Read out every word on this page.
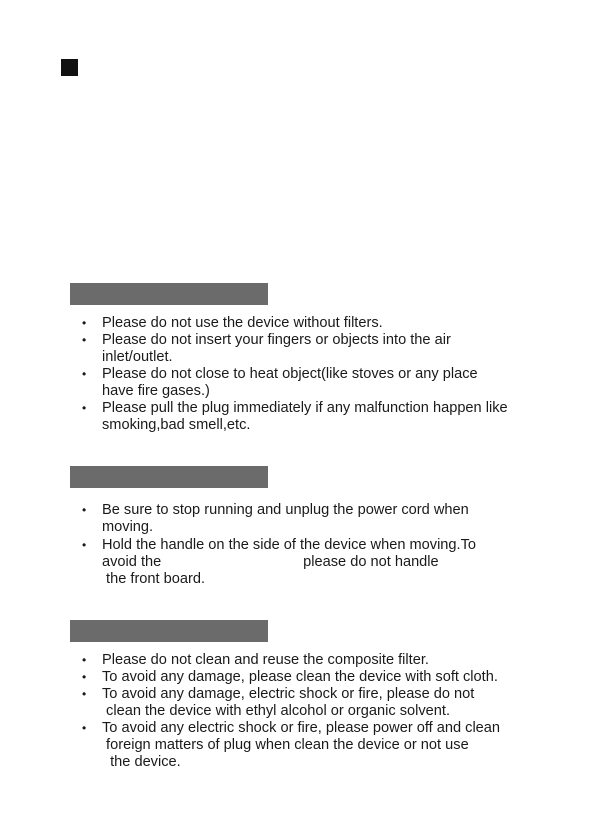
• Please do not use the device without filters.
• Please do not insert your fingers or objects into the air
inlet/outlet.
• Please do not close to heat object(like stoves or any place
have fire gases.)
• Please pull the plug immediately if any malfunction happen like
smoking,bad smell,etc.
• Be sure to stop running and unplug the power cord when
moving.
• Hold the handle on the side of the device when moving.To
avoid the                                   please do not handle
the front board.
• Please do not clean and reuse the composite filter.
• To avoid any damage, please clean the device with soft cloth.
• To avoid any damage, electric shock or fire, please do not
clean the device with ethyl alcohol or organic solvent.
• To avoid any electric shock or fire, please power off and clean
foreign matters of plug when clean the device or not use
the device.
